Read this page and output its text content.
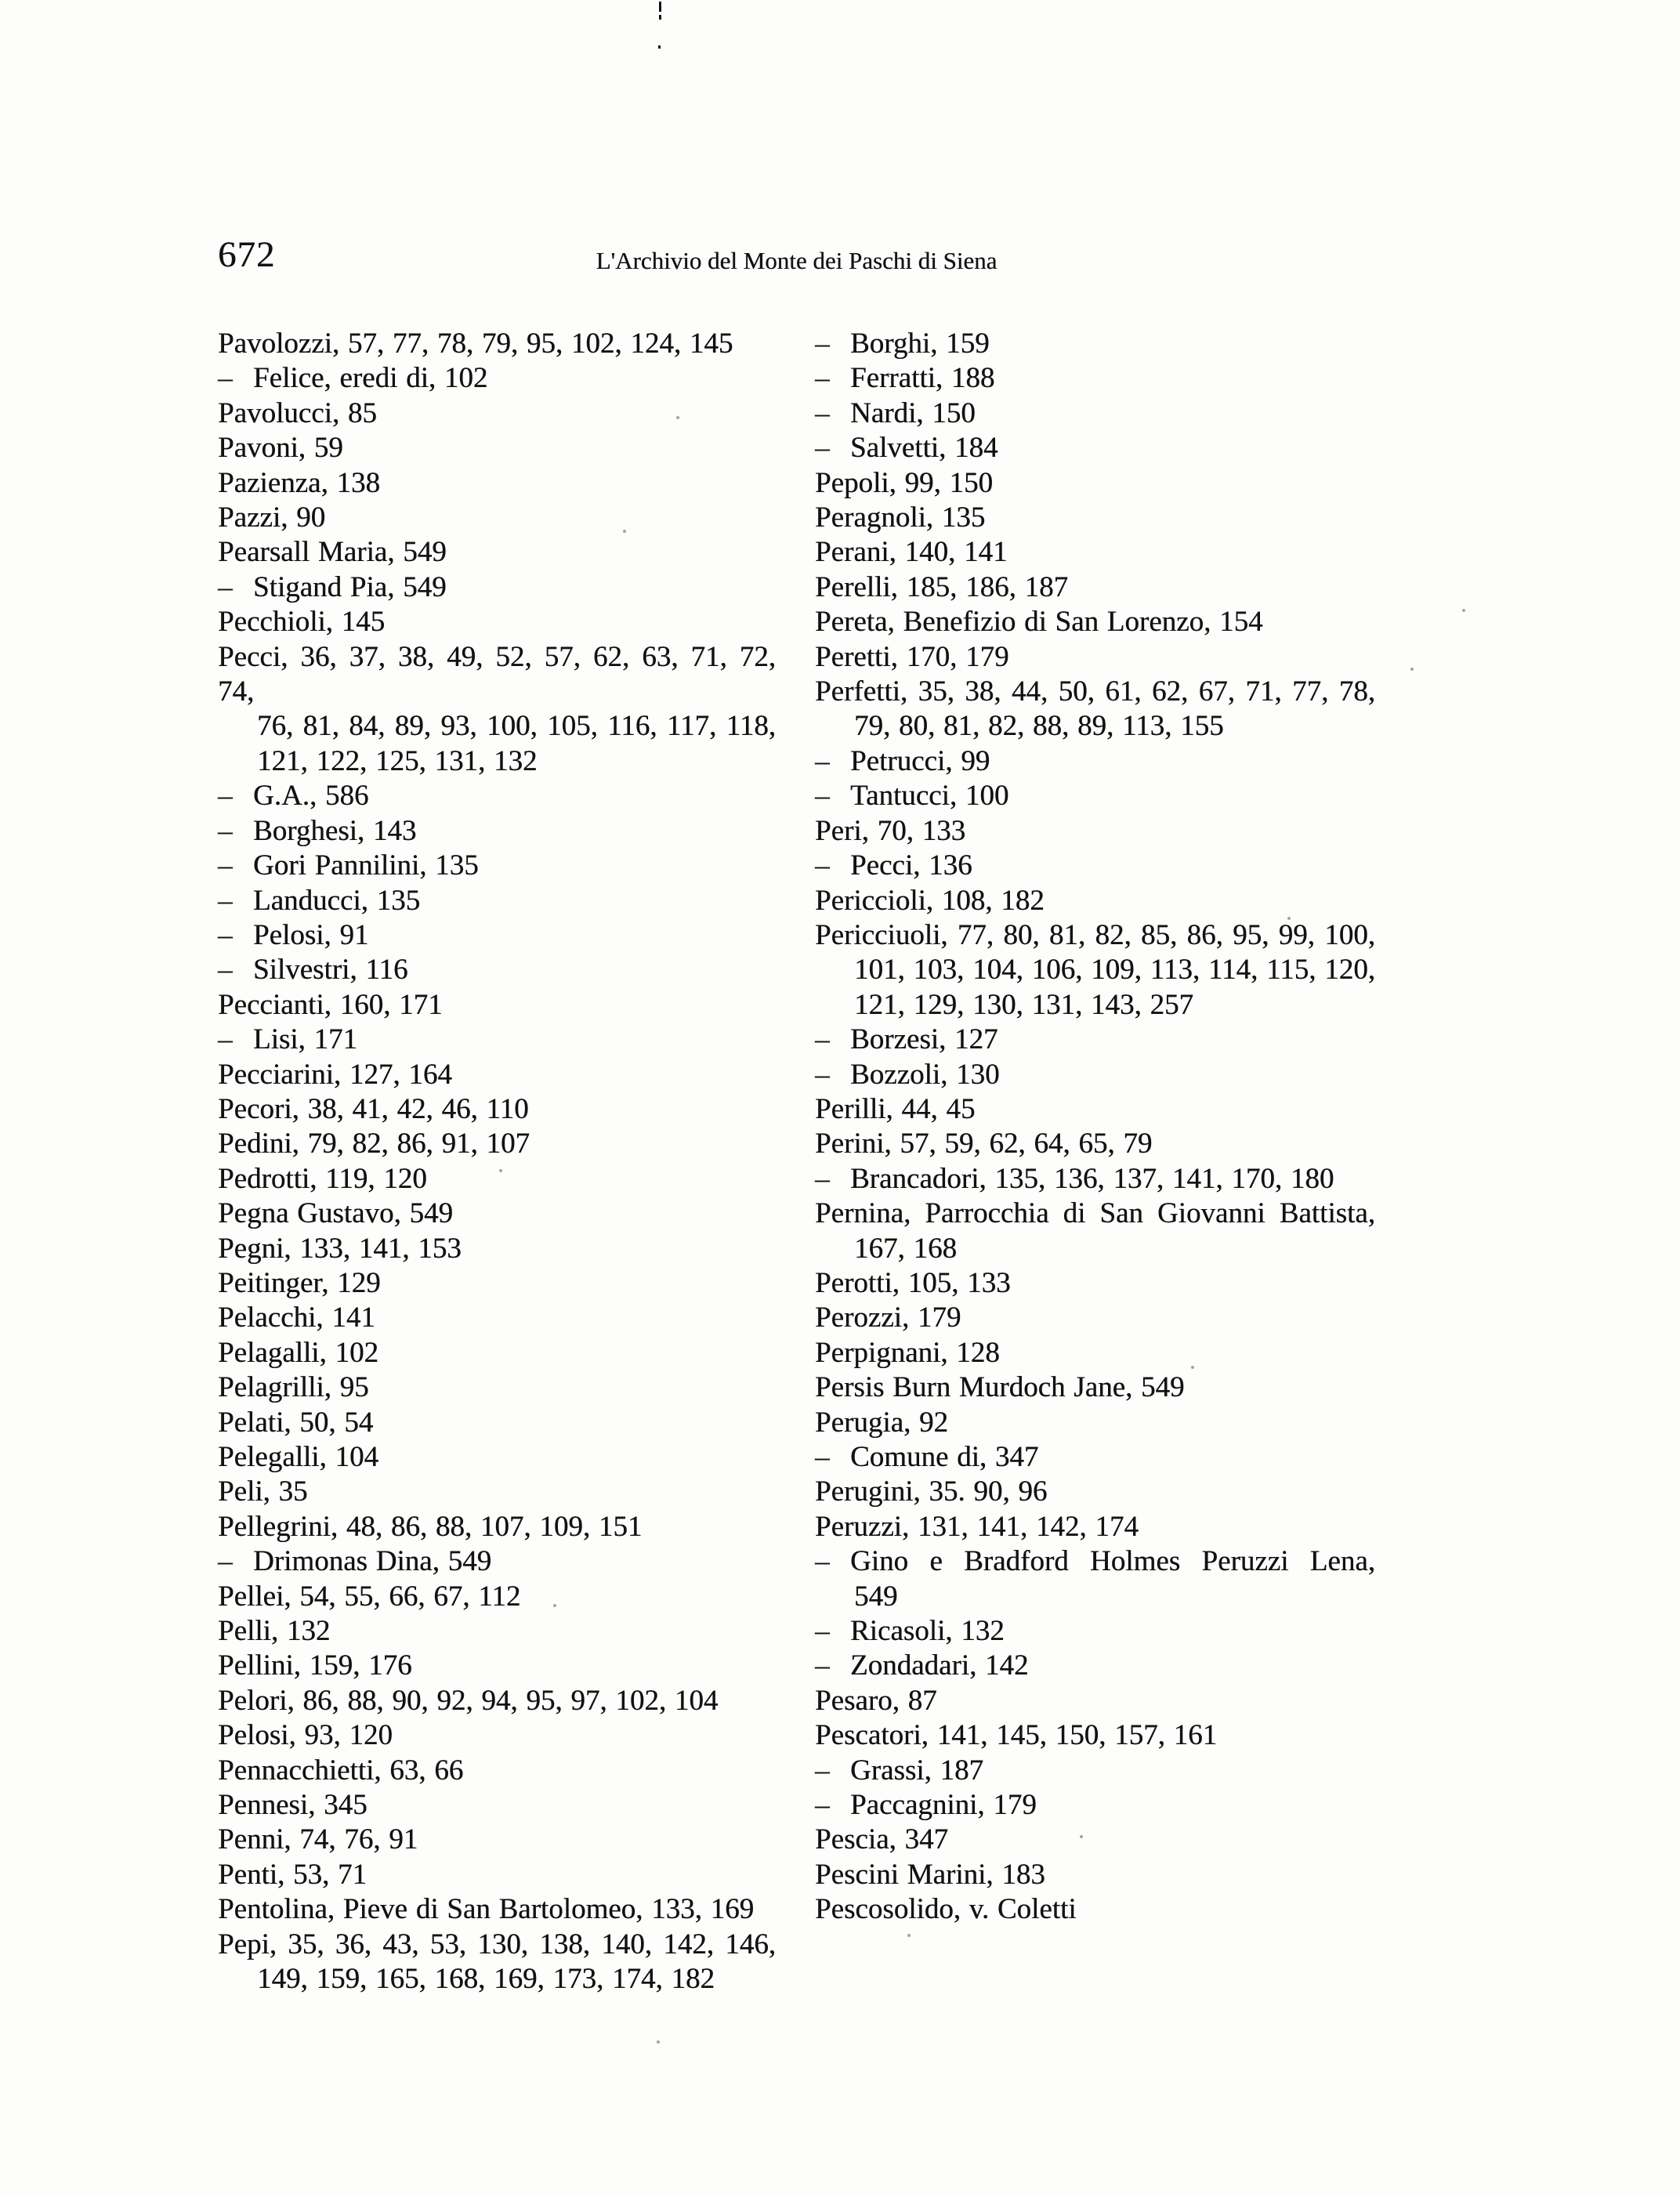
672	L'Archivio del Monte dei Paschi di Siena
Pavolozzi, 57, 77, 78, 79, 95, 102, 124, 145
– Felice, eredi di, 102
Pavolucci, 85
Pavoni, 59
Pazienza, 138
Pazzi, 90
Pearsall Maria, 549
– Stigand Pia, 549
Pecchioli, 145
Pecci, 36, 37, 38, 49, 52, 57, 62, 63, 71, 72, 74,
76, 81, 84, 89, 93, 100, 105, 116, 117, 118,
121, 122, 125, 131, 132
– G.A., 586
– Borghesi, 143
– Gori Pannilini, 135
– Landucci, 135
– Pelosi, 91
– Silvestri, 116
Peccianti, 160, 171
– Lisi, 171
Pecciarini, 127, 164
Pecori, 38, 41, 42, 46, 110
Pedini, 79, 82, 86, 91, 107
Pedrotti, 119, 120
Pegna Gustavo, 549
Pegni, 133, 141, 153
Peitinger, 129
Pelacchi, 141
Pelagalli, 102
Pelagrilli, 95
Pelati, 50, 54
Pelegalli, 104
Peli, 35
Pellegrini, 48, 86, 88, 107, 109, 151
– Drimonas Dina, 549
Pellei, 54, 55, 66, 67, 112
Pelli, 132
Pellini, 159, 176
Pelori, 86, 88, 90, 92, 94, 95, 97, 102, 104
Pelosi, 93, 120
Pennacchietti, 63, 66
Pennesi, 345
Penni, 74, 76, 91
Penti, 53, 71
Pentolina, Pieve di San Bartolomeo, 133, 169
Pepi, 35, 36, 43, 53, 130, 138, 140, 142, 146,
149, 159, 165, 168, 169, 173, 174, 182
– Borghi, 159
– Ferratti, 188
– Nardi, 150
– Salvetti, 184
Pepoli, 99, 150
Peragnoli, 135
Perani, 140, 141
Perelli, 185, 186, 187
Pereta, Benefizio di San Lorenzo, 154
Peretti, 170, 179
Perfetti, 35, 38, 44, 50, 61, 62, 67, 71, 77, 78,
79, 80, 81, 82, 88, 89, 113, 155
– Petrucci, 99
– Tantucci, 100
Peri, 70, 133
– Pecci, 136
Periccioli, 108, 182
Pericciuoli, 77, 80, 81, 82, 85, 86, 95, 99, 100,
101, 103, 104, 106, 109, 113, 114, 115, 120,
121, 129, 130, 131, 143, 257
– Borzesi, 127
– Bozzoli, 130
Perilli, 44, 45
Perini, 57, 59, 62, 64, 65, 79
– Brancadori, 135, 136, 137, 141, 170, 180
Pernina, Parrocchia di San Giovanni Battista,
167, 168
Perotti, 105, 133
Perozzi, 179
Perpignani, 128
Persis Burn Murdoch Jane, 549
Perugia, 92
– Comune di, 347
Perugini, 35. 90, 96
Peruzzi, 131, 141, 142, 174
– Gino e Bradford Holmes Peruzzi Lena,
549
– Ricasoli, 132
– Zondadari, 142
Pesaro, 87
Pescatori, 141, 145, 150, 157, 161
– Grassi, 187
– Paccagnini, 179
Pescia, 347
Pescini Marini, 183
Pescosolido, v. Coletti
